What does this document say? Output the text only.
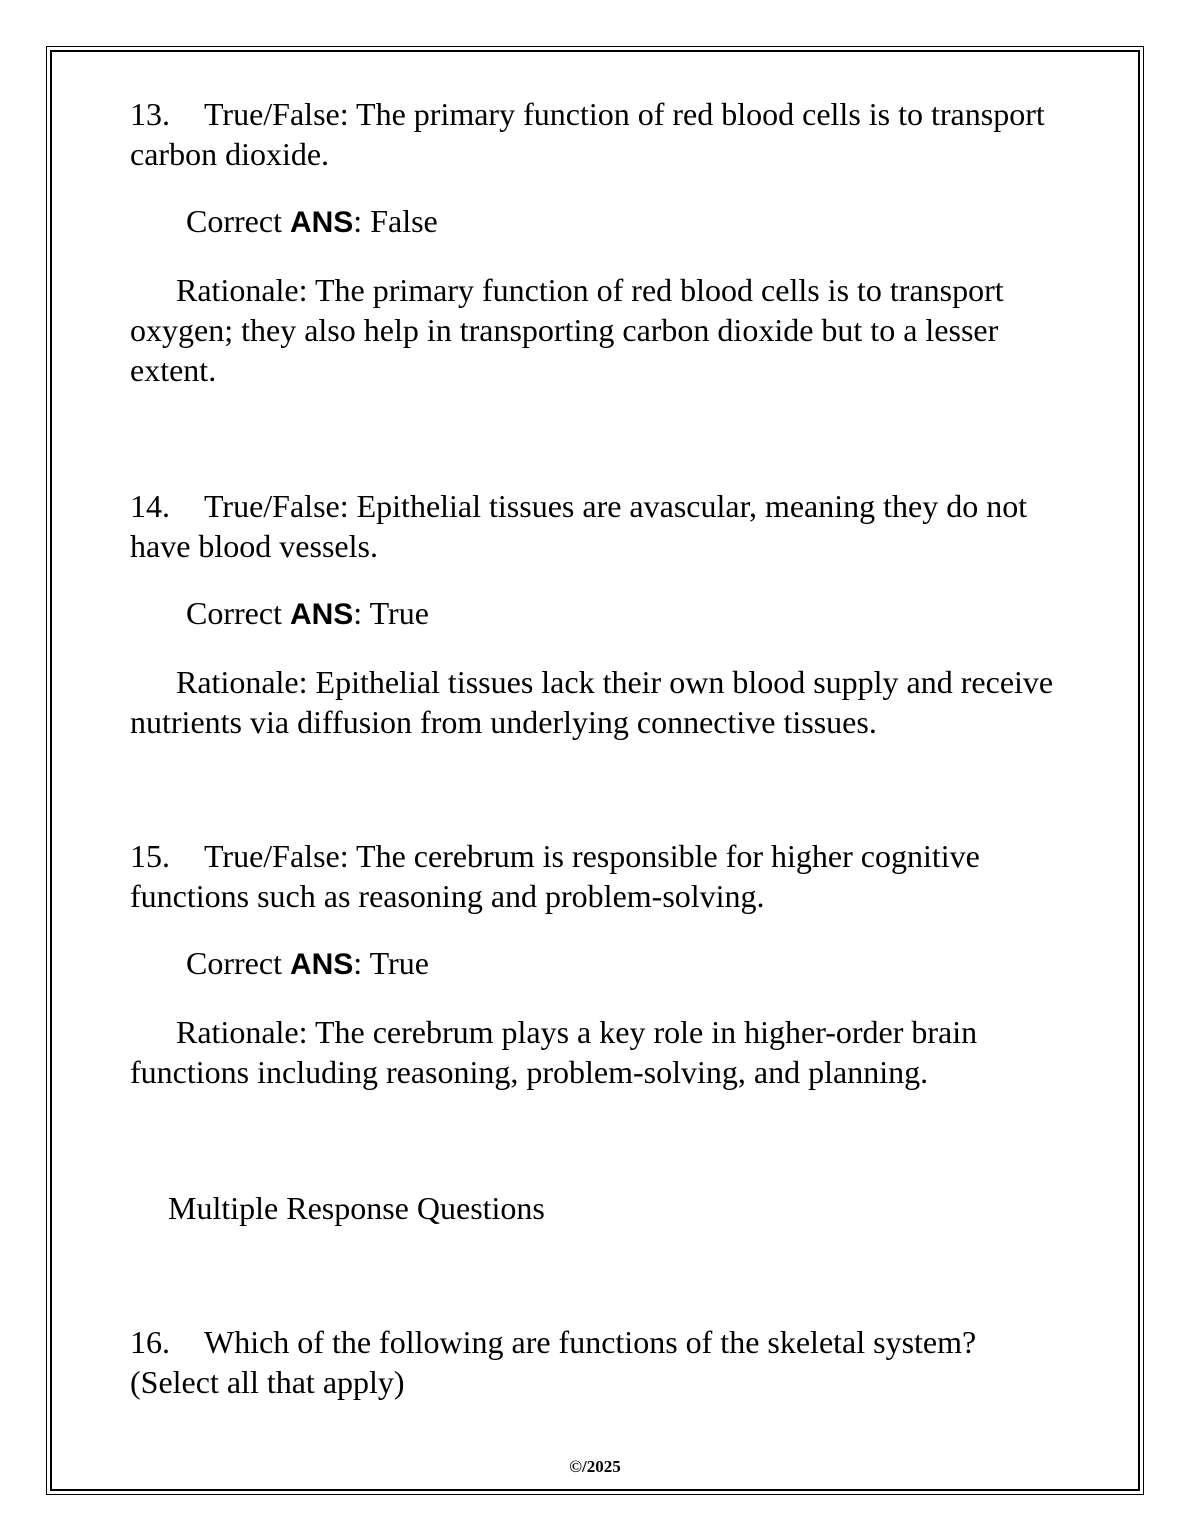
13. True/False: The primary function of red blood cells is to transport carbon dioxide.

Correct ANS: False

Rationale: The primary function of red blood cells is to transport oxygen; they also help in transporting carbon dioxide but to a lesser extent.

14. True/False: Epithelial tissues are avascular, meaning they do not have blood vessels.

Correct ANS: True

Rationale: Epithelial tissues lack their own blood supply and receive nutrients via diffusion from underlying connective tissues.

15. True/False: The cerebrum is responsible for higher cognitive functions such as reasoning and problem-solving.

Correct ANS: True

Rationale: The cerebrum plays a key role in higher-order brain functions including reasoning, problem-solving, and planning.

Multiple Response Questions

16. Which of the following are functions of the skeletal system? (Select all that apply)

©/2025
